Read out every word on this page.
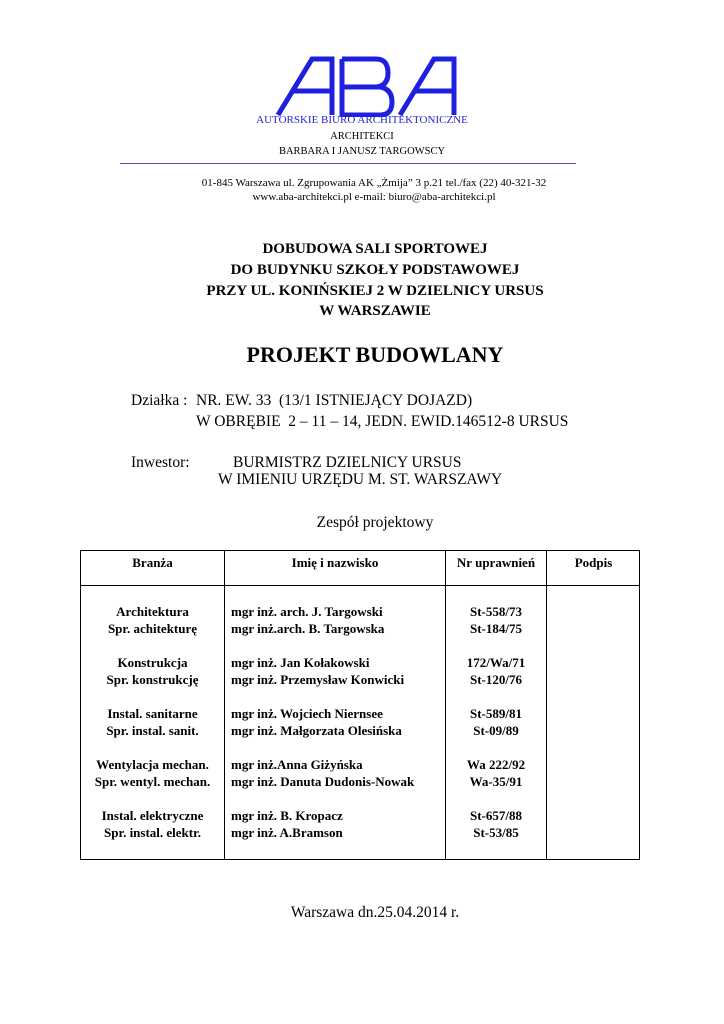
AUTORSKIE BIURO ARCHITEKTONICZNE
ARCHITEKCI
BARBARA I JANUSZ TARGOWSCY
01-845 Warszawa ul. Zgrupowania AK „Żmija” 3 p.21 tel./fax (22) 40-321-32
www.aba-architekci.pl e-mail: biuro@aba-architekci.pl
DOBUDOWA SALI SPORTOWEJ
DO BUDYNKU SZKOŁY PODSTAWOWEJ
PRZY UL. KONIŃSKIEJ 2 W DZIELNICY URSUS
W WARSZAWIE
PROJEKT BUDOWLANY
Działka : NR. EW. 33  (13/1 ISTNIEJĄCY DOJAZD)
W OBRĘBIE  2 – 11 – 14, JEDN. EWID.146512-8 URSUS
Inwestor:	BURMISTRZ DZIELNICY URSUS
W IMIENIU URZĘDU M. ST. WARSZAWY
Zespół projektowy
Branża	Imię i nazwisko	Nr uprawnień	Podpis
Architektura	mgr inż. arch. J. Targowski	St-558/73
Spr. achitekturę	mgr inż.arch. B. Targowska	St-184/75
Konstrukcja	mgr inż. Jan Kołakowski	172/Wa/71
Spr. konstrukcję	mgr inż. Przemysław Konwicki	St-120/76
Instal. sanitarne	mgr inż. Wojciech Niernsee	St-589/81
Spr. instal. sanit.	mgr inż. Małgorzata Olesińska	St-09/89
Wentylacja mechan.	mgr inż.Anna Giżyńska	Wa 222/92
Spr. wentyl. mechan.	mgr inż. Danuta Dudonis-Nowak	Wa-35/91
Instal. elektryczne	mgr inż. B. Kropacz	St-657/88
Spr. instal. elektr.	mgr inż. A.Bramson	St-53/85
Warszawa dn.25.04.2014 r.
